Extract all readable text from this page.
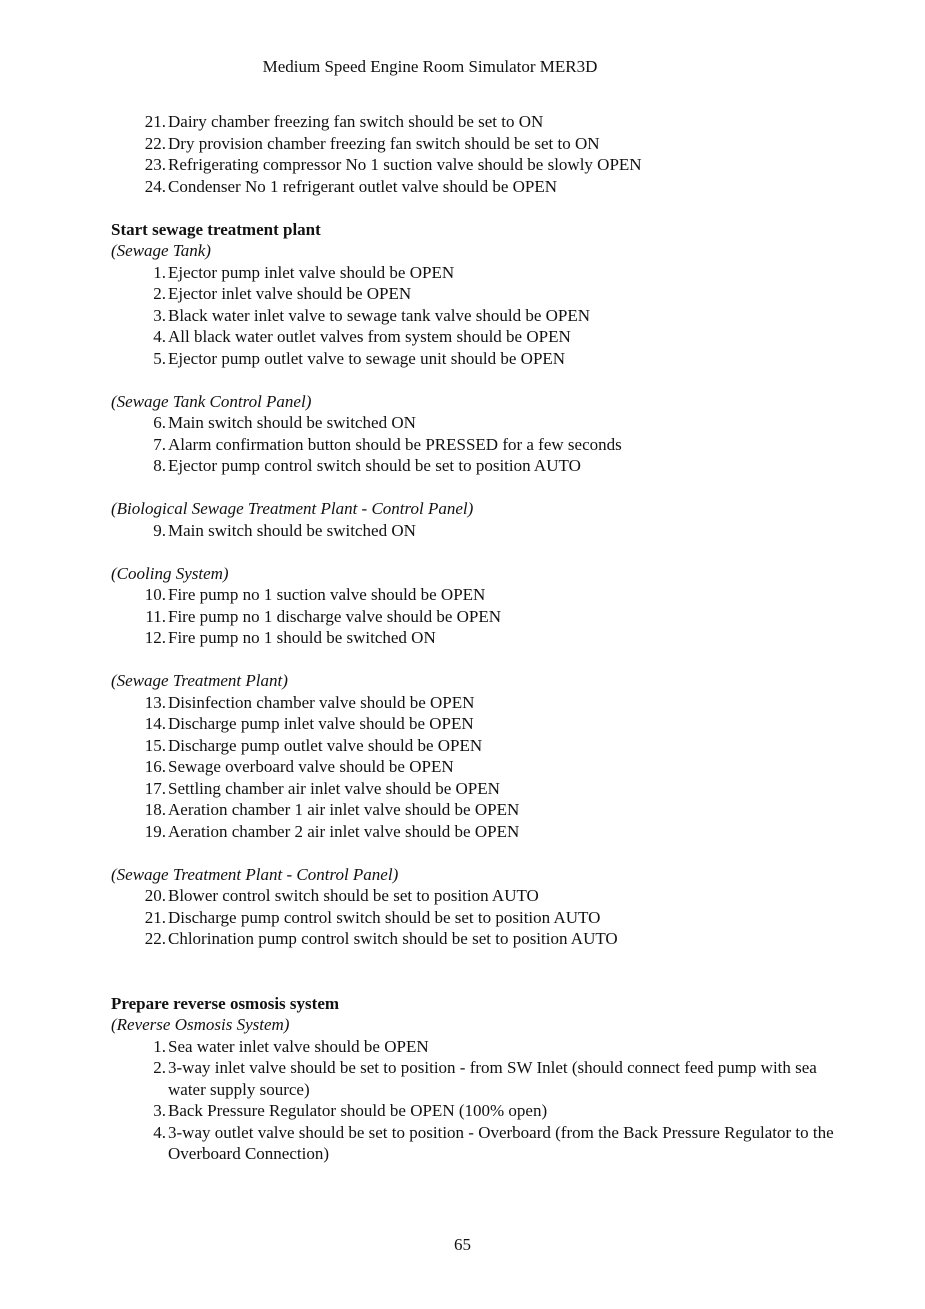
Medium Speed Engine Room Simulator MER3D
21. Dairy chamber freezing fan switch should be set to ON
22. Dry provision chamber freezing fan switch should be set to ON
23. Refrigerating compressor No 1 suction valve should be slowly OPEN
24. Condenser No 1 refrigerant outlet valve should be OPEN
Start sewage treatment plant
(Sewage Tank)
1. Ejector pump inlet valve should be OPEN
2. Ejector inlet valve should be OPEN
3. Black water inlet valve to sewage tank valve should be OPEN
4. All black water outlet valves from system should be OPEN
5. Ejector pump outlet valve to sewage unit should be OPEN
(Sewage Tank Control Panel)
6. Main switch should be switched ON
7. Alarm confirmation button should be PRESSED for a few seconds
8. Ejector pump control switch should be set to position AUTO
(Biological Sewage Treatment Plant - Control Panel)
9. Main switch should be switched ON
(Cooling System)
10. Fire pump no 1 suction valve should be OPEN
11. Fire pump no 1 discharge valve should be OPEN
12. Fire pump no 1 should be switched ON
(Sewage Treatment Plant)
13. Disinfection chamber valve should be OPEN
14. Discharge pump inlet valve should be OPEN
15. Discharge pump outlet valve should be OPEN
16. Sewage overboard valve should be OPEN
17. Settling chamber air inlet valve should be OPEN
18. Aeration chamber 1 air inlet valve should be OPEN
19. Aeration chamber 2 air inlet valve should be OPEN
(Sewage Treatment Plant - Control Panel)
20. Blower control switch should be set to position AUTO
21. Discharge pump control switch should be set to position AUTO
22. Chlorination pump control switch should be set to position AUTO
Prepare reverse osmosis system
(Reverse Osmosis System)
1. Sea water inlet valve should be OPEN
2. 3-way inlet valve should be set to position - from SW Inlet (should connect feed pump with sea water supply source)
3. Back Pressure Regulator should be OPEN (100% open)
4. 3-way outlet valve should be set to position - Overboard (from the Back Pressure Regulator to the Overboard Connection)
65
